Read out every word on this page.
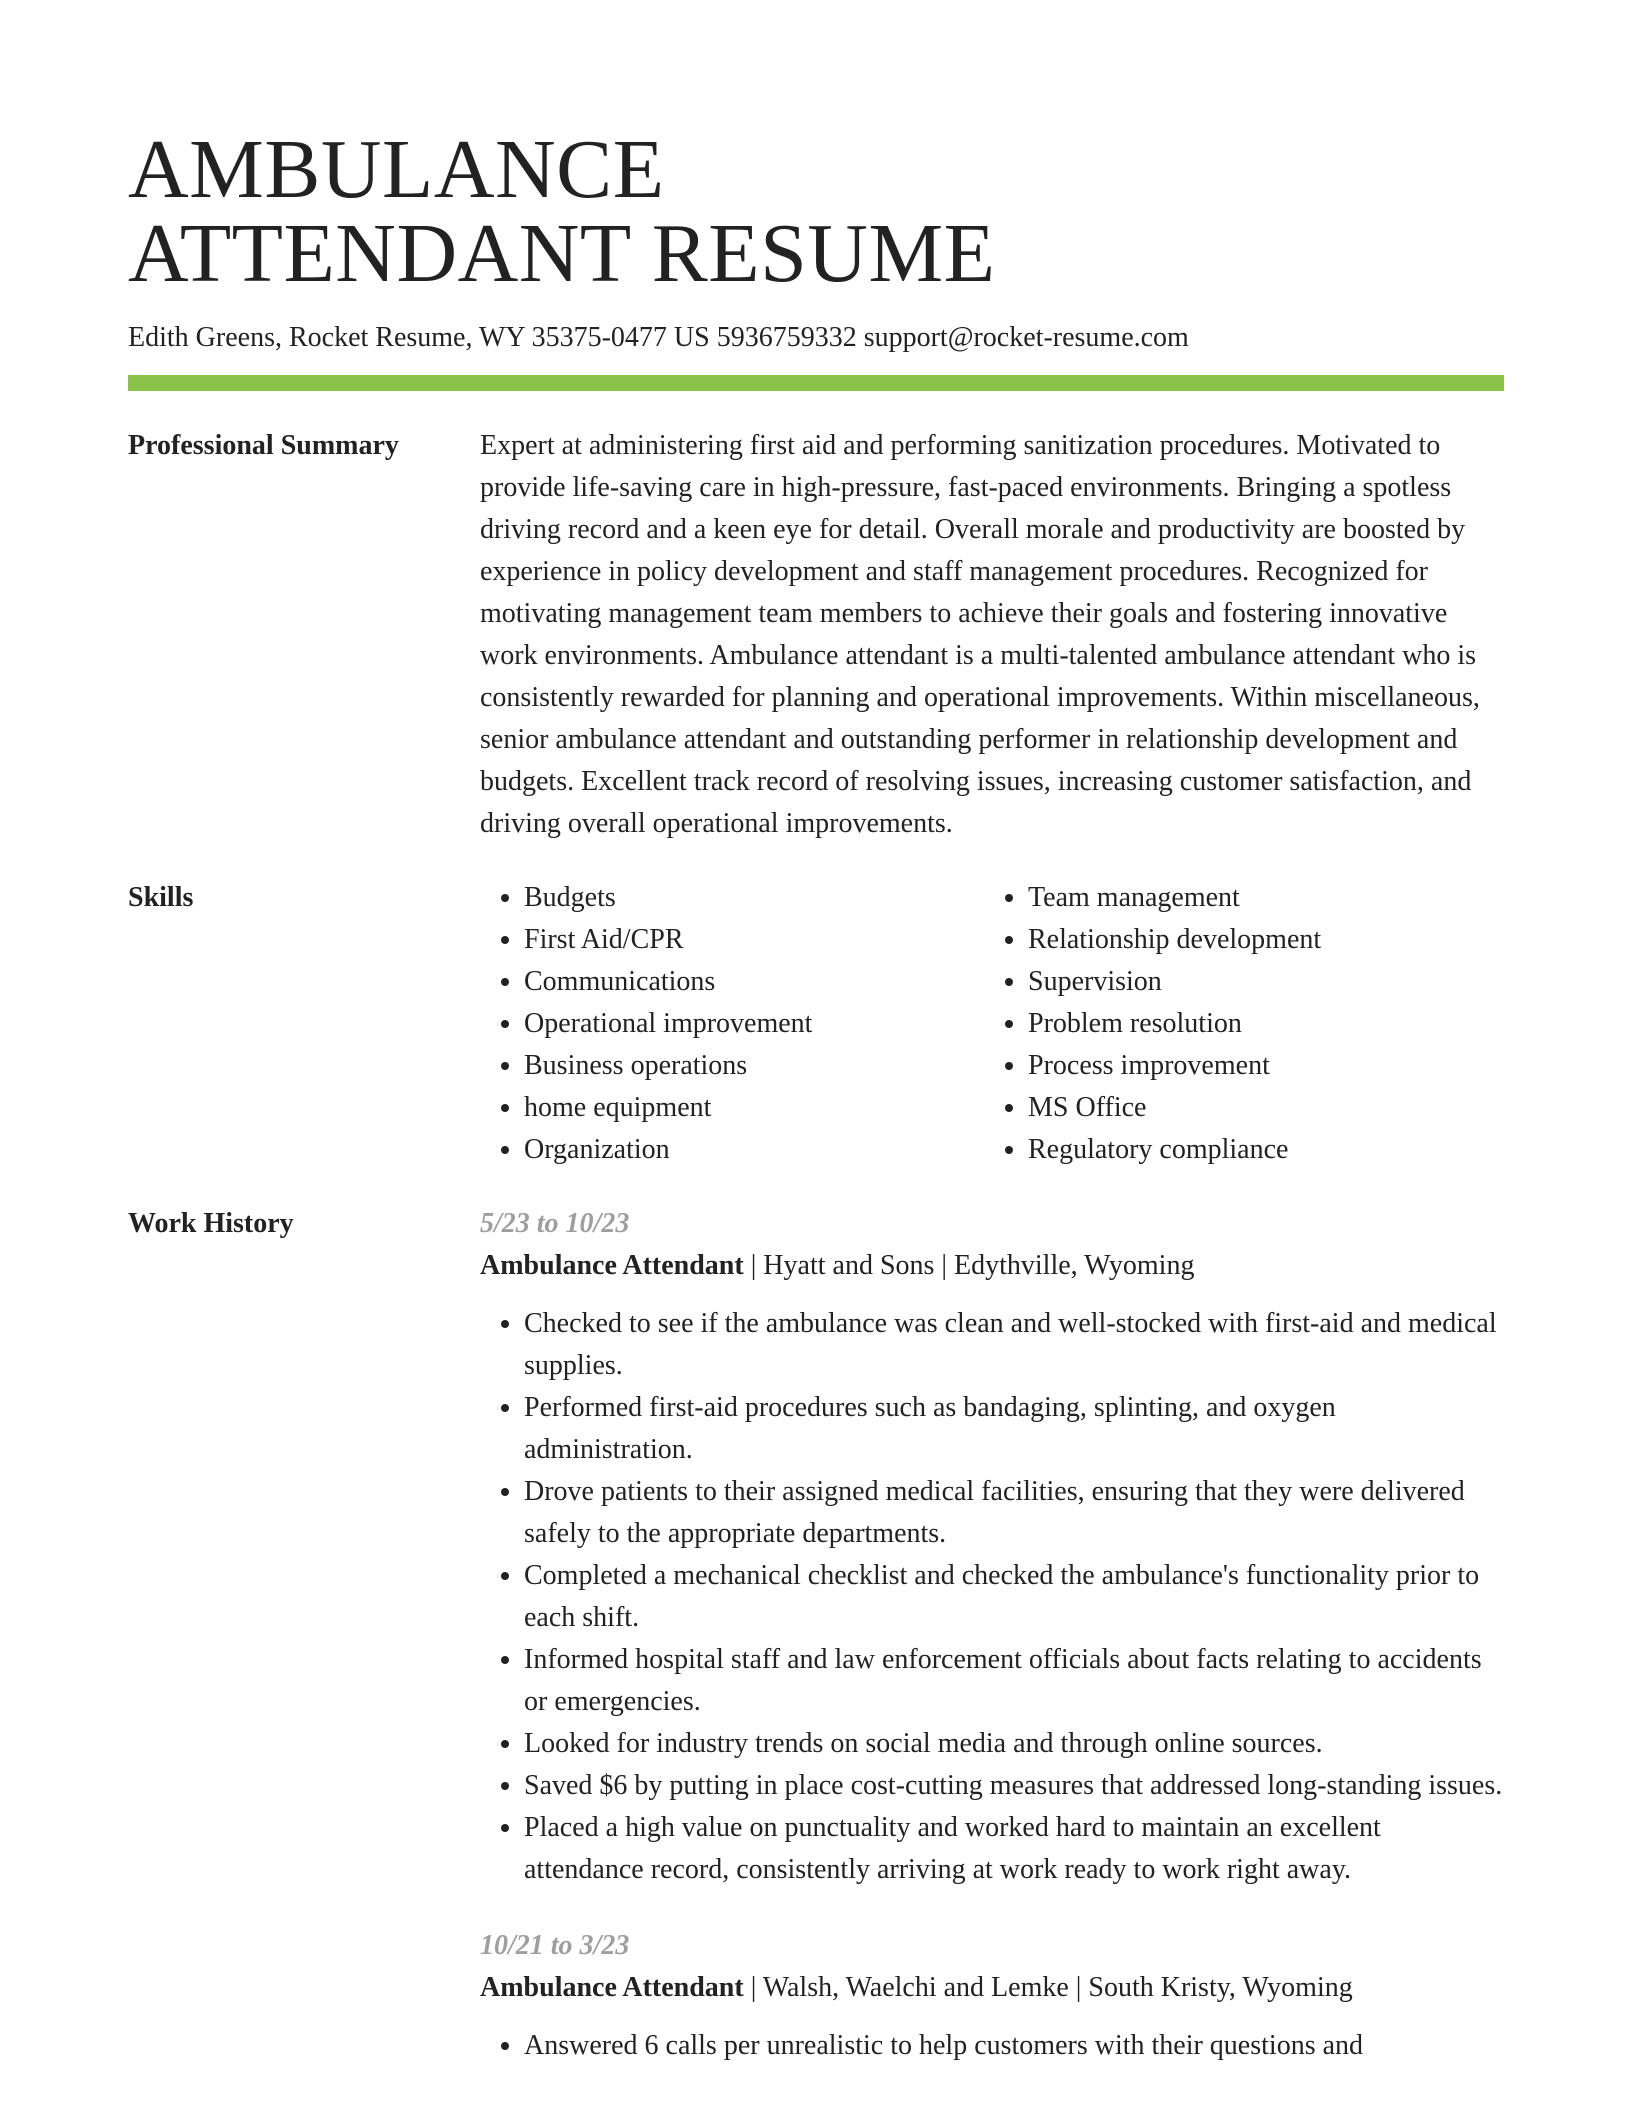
AMBULANCE
ATTENDANT RESUME
Edith Greens, Rocket Resume, WY 35375-0477 US 5936759332 support@rocket-resume.com
Professional Summary	Expert at administering first aid and performing sanitization procedures. Motivated to provide life-saving care in high-pressure, fast-paced environments. Bringing a spotless driving record and a keen eye for detail. Overall morale and productivity are boosted by experience in policy development and staff management procedures. Recognized for motivating management team members to achieve their goals and fostering innovative work environments. Ambulance attendant is a multi-talented ambulance attendant who is consistently rewarded for planning and operational improvements. Within miscellaneous, senior ambulance attendant and outstanding performer in relationship development and budgets. Excellent track record of resolving issues, increasing customer satisfaction, and driving overall operational improvements.

Skills
•	Budgets
• First Aid/CPR
• Communications
• Operational improvement
• Business operations
• home equipment
• Organization
• Team management
• Relationship development
• Supervision
• Problem resolution
• Process improvement
• MS Office
• Regulatory compliance
Work History	5/23 to 10/23
Ambulance Attendant | Hyatt and Sons | Edythville, Wyoming
• Checked to see if the ambulance was clean and well-stocked with first-aid and medical supplies.
• Performed first-aid procedures such as bandaging, splinting, and oxygen administration.
• Drove patients to their assigned medical facilities, ensuring that they were delivered safely to the appropriate departments.
• Completed a mechanical checklist and checked the ambulance's functionality prior to each shift.
• Informed hospital staff and law enforcement officials about facts relating to accidents or emergencies.
• Looked for industry trends on social media and through online sources.
• Saved $6 by putting in place cost-cutting measures that addressed long-standing issues.
• Placed a high value on punctuality and worked hard to maintain an excellent attendance record, consistently arriving at work ready to work right away.
10/21 to 3/23
Ambulance Attendant | Walsh, Waelchi and Lemke | South Kristy, Wyoming
• Answered 6 calls per unrealistic to help customers with their questions and
